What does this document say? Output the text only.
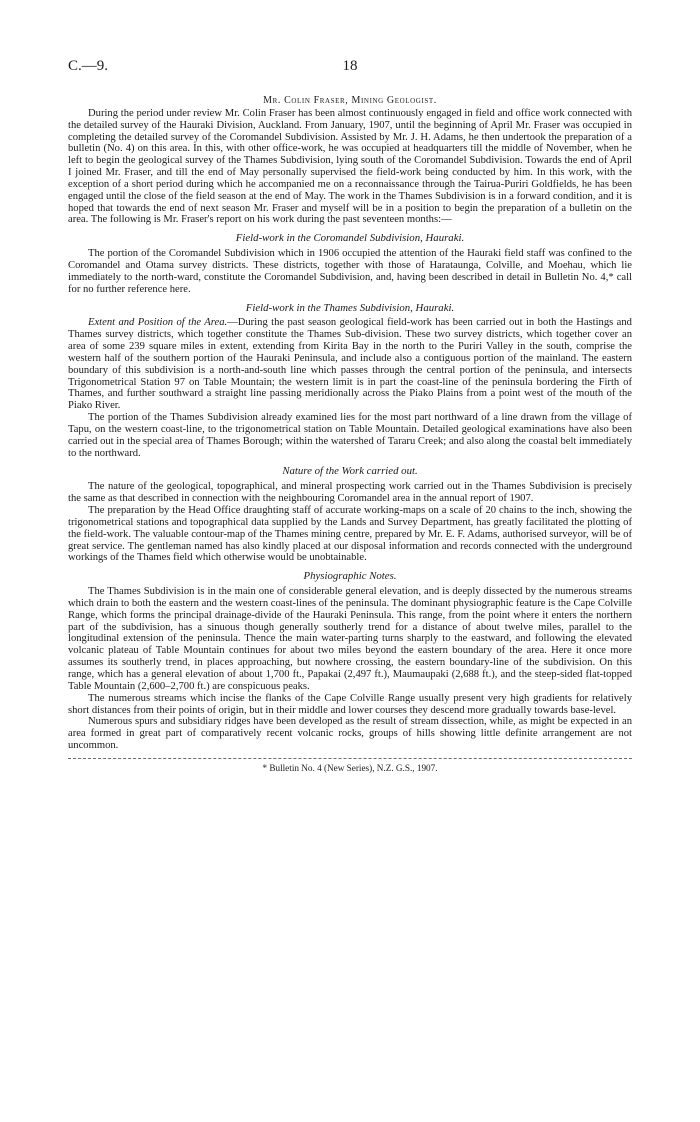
C.—9.	18
Mr. Colin Fraser, Mining Geologist.

During the period under review Mr. Colin Fraser has been almost continuously engaged in field and office work connected with the detailed survey of the Hauraki Division, Auckland. From January, 1907, until the beginning of April Mr. Fraser was occupied in completing the detailed survey of the Coromandel Subdivision. Assisted by Mr. J. H. Adams, he then undertook the preparation of a bulletin (No. 4) on this area. In this, with other office-work, he was occupied at headquarters till the middle of November, when he left to begin the geological survey of the Thames Subdivision, lying south of the Coromandel Subdivision. Towards the end of April I joined Mr. Fraser, and till the end of May personally supervised the field-work being conducted by him. In this work, with the exception of a short period during which he accompanied me on a reconnaissance through the Tairua-Puriri Goldfields, he has been engaged until the close of the field season at the end of May. The work in the Thames Subdivision is in a forward condition, and it is hoped that towards the end of next season Mr. Fraser and myself will be in a position to begin the preparation of a bulletin on the area. The following is Mr. Fraser's report on his work during the past seventeen months:—

Field-work in the Coromandel Subdivision, Hauraki.

The portion of the Coromandel Subdivision which in 1906 occupied the attention of the Hauraki field staff was confined to the Coromandel and Otama survey districts. These districts, together with those of Harataunga, Colville, and Moehau, which lie immediately to the north-ward, constitute the Coromandel Subdivision, and, having been described in detail in Bulletin No. 4,* call for no further reference here.

Field-work in the Thames Subdivision, Hauraki.

Extent and Position of the Area.—During the past season geological field-work has been carried out in both the Hastings and Thames survey districts, which together constitute the Thames Sub-division. These two survey districts, which together cover an area of some 239 square miles in extent, extending from Kirita Bay in the north to the Puriri Valley in the south, comprise the western half of the southern portion of the Hauraki Peninsula, and include also a contiguous portion of the mainland. The eastern boundary of this subdivision is a north-and-south line which passes through the central portion of the peninsula, and intersects Trigonometrical Station 97 on Table Mountain; the western limit is in part the coast-line of the peninsula bordering the Firth of Thames, and further southward a straight line passing meridionally across the Piako Plains from a point west of the mouth of the Piako River.

The portion of the Thames Subdivision already examined lies for the most part northward of a line drawn from the village of Tapu, on the western coast-line, to the trigonometrical station on Table Mountain. Detailed geological examinations have also been carried out in the special area of Thames Borough; within the watershed of Tararu Creek; and also along the coastal belt immediately to the northward.

Nature of the Work carried out.

The nature of the geological, topographical, and mineral prospecting work carried out in the Thames Subdivision is precisely the same as that described in connection with the neighbouring Coromandel area in the annual report of 1907.

The preparation by the Head Office draughting staff of accurate working-maps on a scale of 20 chains to the inch, showing the trigonometrical stations and topographical data supplied by the Lands and Survey Department, has greatly facilitated the plotting of the field-work. The valuable contour-map of the Thames mining centre, prepared by Mr. E. F. Adams, authorised surveyor, will be of great service. The gentleman named has also kindly placed at our disposal information and records connected with the underground workings of the Thames field which otherwise would be unobtainable.

Physiographic Notes.

The Thames Subdivision is in the main one of considerable general elevation, and is deeply dissected by the numerous streams which drain to both the eastern and the western coast-lines of the peninsula. The dominant physiographic feature is the Cape Colville Range, which forms the principal drainage-divide of the Hauraki Peninsula. This range, from the point where it enters the northern part of the subdivision, has a sinuous though generally southerly trend for a distance of about twelve miles, parallel to the longitudinal extension of the peninsula. Thence the main water-parting turns sharply to the eastward, and following the elevated volcanic plateau of Table Mountain continues for about two miles beyond the eastern boundary of the area. Here it once more assumes its southerly trend, in places approaching, but nowhere crossing, the eastern boundary-line of the subdivision. On this range, which has a general elevation of about 1,700 ft., Papakai (2,497 ft.), Maumaupaki (2,688 ft.), and the steep-sided flat-topped Table Mountain (2,600–2,700 ft.) are conspicuous peaks.

The numerous streams which incise the flanks of the Cape Colville Range usually present very high gradients for relatively short distances from their points of origin, but in their middle and lower courses they descend more gradually towards base-level.

Numerous spurs and subsidiary ridges have been developed as the result of stream dissection, while, as might be expected in an area formed in great part of comparatively recent volcanic rocks, groups of hills showing little definite arrangement are not uncommon.

* Bulletin No. 4 (New Series), N.Z. G.S., 1907.
